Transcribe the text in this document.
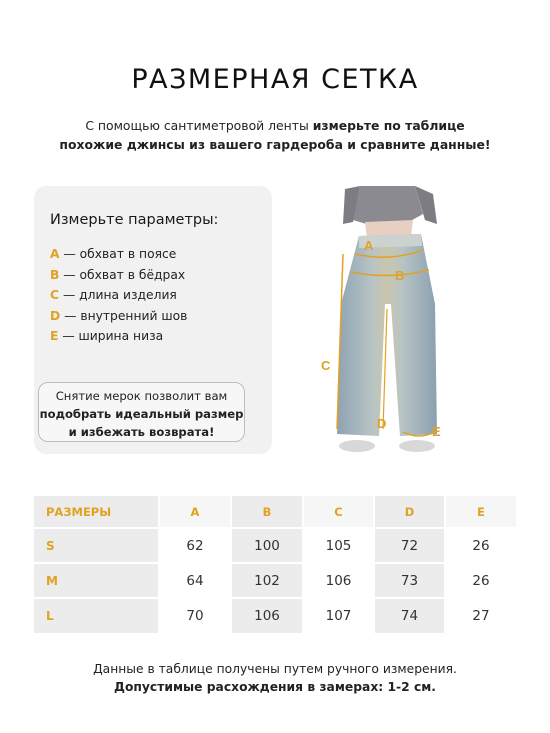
РАЗМЕРНАЯ СЕТКА
С помощью сантиметровой ленты измерьте по таблице
похожие джинсы из вашего гардероба и сравните данные!
Измерьте параметры:
A — обхват в поясе
B — обхват в бёдрах
C — длина изделия
D — внутренний шов
E — ширина низа
Снятие мерок позволит вам
подобрать идеальный размер
и избежать возврата!
A
B
C
D
E
РАЗМЕРЫ	A	B	C	D	E
S	62	100	105	72	26
M	64	102	106	73	26
L	70	106	107	74	27
Данные в таблице получены путем ручного измерения.
Допустимые расхождения в замерах: 1-2 см.
